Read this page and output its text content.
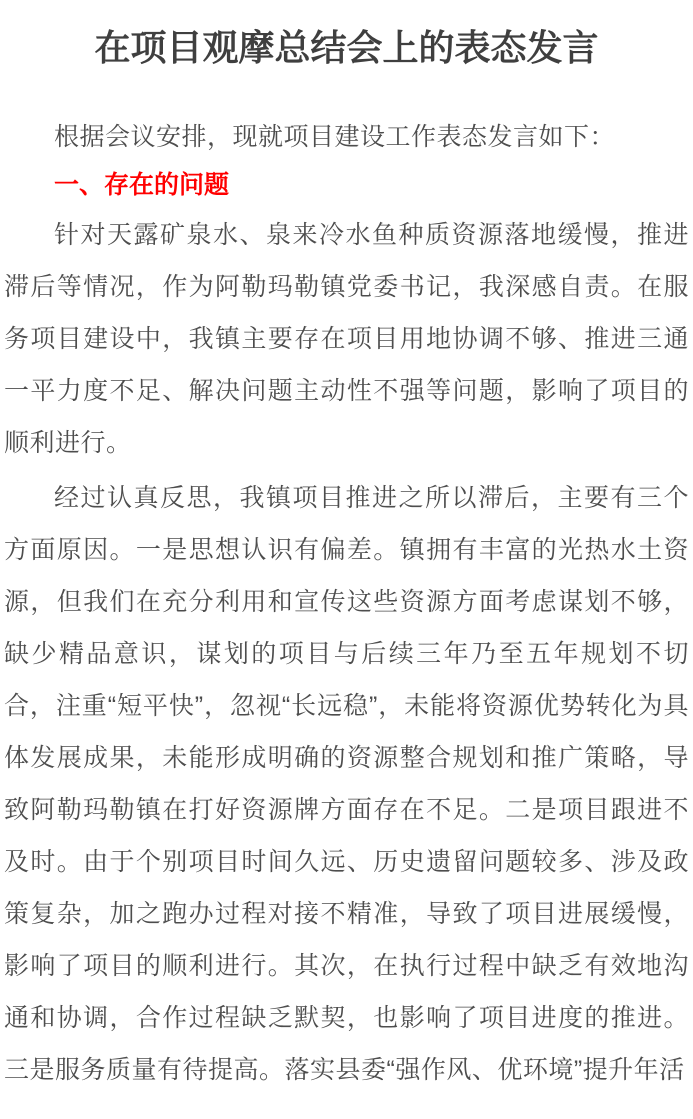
在项目观摩总结会上的表态发言

根据会议安排，现就项目建设工作表态发言如下：

一、存在的问题

针对天露矿泉水、泉来冷水鱼种质资源落地缓慢，推进滞后等情况，作为阿勒玛勒镇党委书记，我深感自责。在服务项目建设中，我镇主要存在项目用地协调不够、推进三通一平力度不足、解决问题主动性不强等问题，影响了项目的顺利进行。

经过认真反思，我镇项目推进之所以滞后，主要有三个方面原因。一是思想认识有偏差。镇拥有丰富的光热水土资源，但我们在充分利用和宣传这些资源方面考虑谋划不够，缺少精品意识，谋划的项目与后续三年乃至五年规划不切合，注重“短平快”，忽视“长远稳”，未能将资源优势转化为具体发展成果，未能形成明确的资源整合规划和推广策略，导致阿勒玛勒镇在打好资源牌方面存在不足。二是项目跟进不及时。由于个别项目时间久远、历史遗留问题较多、涉及政策复杂，加之跑办过程对接不精准，导致了项目进展缓慢，影响了项目的顺利进行。其次，在执行过程中缺乏有效地沟通和协调，合作过程缺乏默契，也影响了项目进度的推进。三是服务质量有待提高。落实县委“强作风、优环境”提升年活
